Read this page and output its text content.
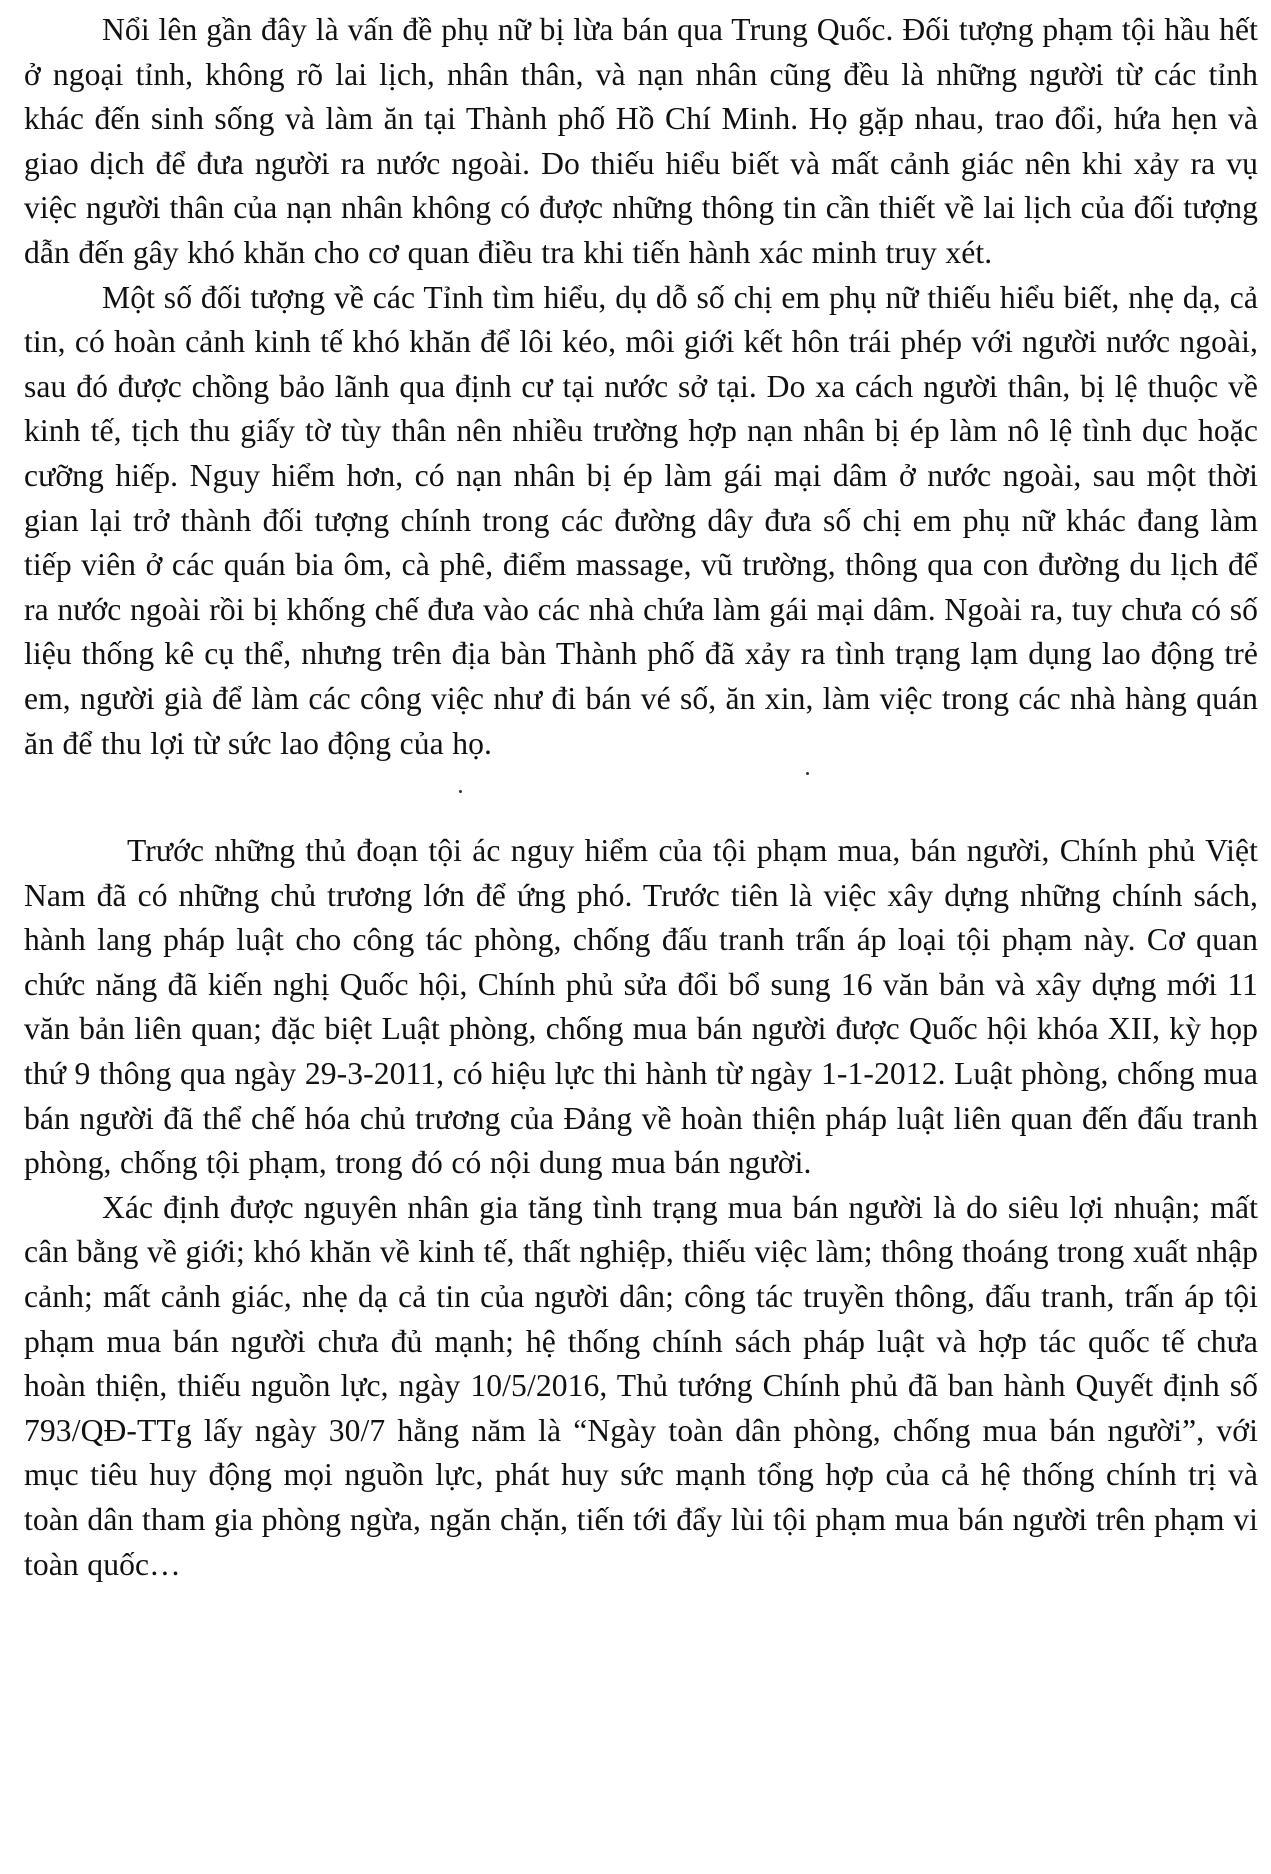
Nổi lên gần đây là vấn đề phụ nữ bị lừa bán qua Trung Quốc. Đối tượng phạm tội hầu hết ở ngoại tỉnh, không rõ lai lịch, nhân thân, và nạn nhân cũng đều là những người từ các tỉnh khác đến sinh sống và làm ăn tại Thành phố Hồ Chí Minh. Họ gặp nhau, trao đổi, hứa hẹn và giao dịch để đưa người ra nước ngoài. Do thiếu hiểu biết và mất cảnh giác nên khi xảy ra vụ việc người thân của nạn nhân không có được những thông tin cần thiết về lai lịch của đối tượng dẫn đến gây khó khăn cho cơ quan điều tra khi tiến hành xác minh truy xét.

Một số đối tượng về các Tỉnh tìm hiểu, dụ dỗ số chị em phụ nữ thiếu hiểu biết, nhẹ dạ, cả tin, có hoàn cảnh kinh tế khó khăn để lôi kéo, môi giới kết hôn trái phép với người nước ngoài, sau đó được chồng bảo lãnh qua định cư tại nước sở tại. Do xa cách người thân, bị lệ thuộc về kinh tế, tịch thu giấy tờ tùy thân nên nhiều trường hợp nạn nhân bị ép làm nô lệ tình dục hoặc cưỡng hiếp. Nguy hiểm hơn, có nạn nhân bị ép làm gái mại dâm ở nước ngoài, sau một thời gian lại trở thành đối tượng chính trong các đường dây đưa số chị em phụ nữ khác đang làm tiếp viên ở các quán bia ôm, cà phê, điểm massage, vũ trường, thông qua con đường du lịch để ra nước ngoài rồi bị khống chế đưa vào các nhà chứa làm gái mại dâm. Ngoài ra, tuy chưa có số liệu thống kê cụ thể, nhưng trên địa bàn Thành phố đã xảy ra tình trạng lạm dụng lao động trẻ em, người già để làm các công việc như đi bán vé số, ăn xin, làm việc trong các nhà hàng quán ăn để thu lợi từ sức lao động của họ.

Trước những thủ đoạn tội ác nguy hiểm của tội phạm mua, bán người, Chính phủ Việt Nam đã có những chủ trương lớn để ứng phó. Trước tiên là việc xây dựng những chính sách, hành lang pháp luật cho công tác phòng, chống đấu tranh trấn áp loại tội phạm này. Cơ quan chức năng đã kiến nghị Quốc hội, Chính phủ sửa đổi bổ sung 16 văn bản và xây dựng mới 11 văn bản liên quan; đặc biệt Luật phòng, chống mua bán người được Quốc hội khóa XII, kỳ họp thứ 9 thông qua ngày 29-3-2011, có hiệu lực thi hành từ ngày 1-1-2012. Luật phòng, chống mua bán người đã thể chế hóa chủ trương của Đảng về hoàn thiện pháp luật liên quan đến đấu tranh phòng, chống tội phạm, trong đó có nội dung mua bán người.

Xác định được nguyên nhân gia tăng tình trạng mua bán người là do siêu lợi nhuận; mất cân bằng về giới; khó khăn về kinh tế, thất nghiệp, thiếu việc làm; thông thoáng trong xuất nhập cảnh; mất cảnh giác, nhẹ dạ cả tin của người dân; công tác truyền thông, đấu tranh, trấn áp tội phạm mua bán người chưa đủ mạnh; hệ thống chính sách pháp luật và hợp tác quốc tế chưa hoàn thiện, thiếu nguồn lực, ngày 10/5/2016, Thủ tướng Chính phủ đã ban hành Quyết định số 793/QĐ-TTg lấy ngày 30/7 hằng năm là “Ngày toàn dân phòng, chống mua bán người”, với mục tiêu huy động mọi nguồn lực, phát huy sức mạnh tổng hợp của cả hệ thống chính trị và toàn dân tham gia phòng ngừa, ngăn chặn, tiến tới đẩy lùi tội phạm mua bán người trên phạm vi toàn quốc…
